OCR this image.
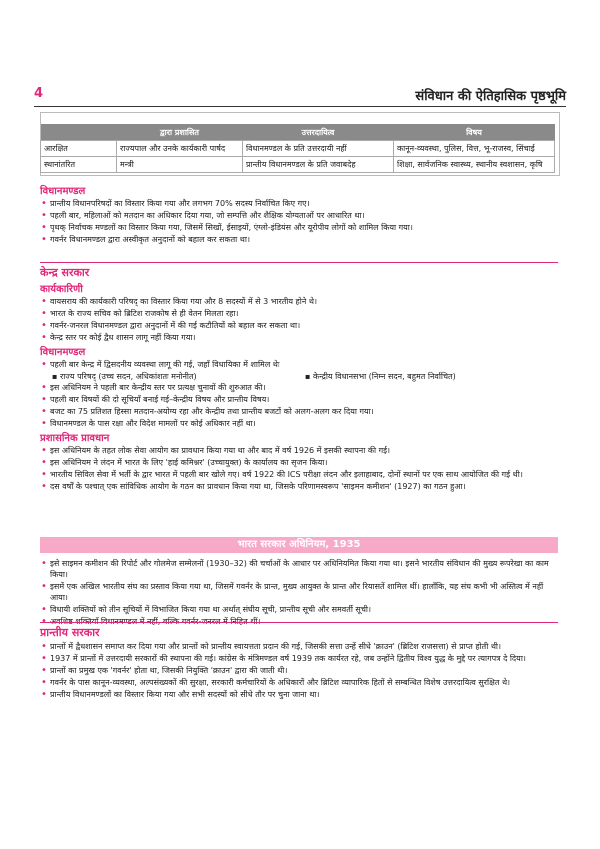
4	संविधान की ऐतिहासिक पृष्ठभूमि
	द्वारा प्रशासित	उत्तरदायित्व	विषय
आरक्षित	राज्यपाल और उनके कार्यकारी पार्षद	विधानमण्डल के प्रति उत्तरदायी नहीं	कानून-व्यवस्था, पुलिस, वित्त, भू-राजस्व, सिंचाई
स्थानांतरित	मन्त्री	प्रान्तीय विधानमण्डल के प्रति जवाबदेह	शिक्षा, सार्वजनिक स्वास्थ्य, स्थानीय स्वशासन, कृषि
विधानमण्डल
• प्रान्तीय विधानपरिषदों का विस्तार किया गया और लगभग 70% सदस्य निर्वाचित किए गए।
• पहली बार, महिलाओं को मतदान का अधिकार दिया गया, जो सम्पत्ति और शैक्षिक योग्यताओं पर आधारित था।
• पृथक् निर्वाचक मण्डलों का विस्तार किया गया, जिसमें सिखों, ईसाइयों, एंग्लो-इंडियंस और यूरोपीय लोगों को शामिल किया गया।
• गवर्नर विधानमण्डल द्वारा अस्वीकृत अनुदानों को बहाल कर सकता था।
केन्द्र सरकार
कार्यकारिणी
• वायसराय की कार्यकारी परिषद् का विस्तार किया गया और 8 सदस्यों में से 3 भारतीय होने थे।
• भारत के राज्य सचिव को ब्रिटिश राजकोष से ही वेतन मिलता रहा।
• गवर्नर-जनरल विधानमण्डल द्वारा अनुदानों में की गई कटौतियों को बहाल कर सकता था।
• केन्द्र स्तर पर कोई द्वैध शासन लागू नहीं किया गया।
विधानमण्डल
• पहली बार केन्द्र में द्विसदनीय व्यवस्था लागू की गई, जहाँ विधायिका में शामिल थेः
▪ राज्य परिषद् (उच्च सदन, अधिकांशतः मनोनीत)	▪ केन्द्रीय विधानसभा (निम्न सदन, बहुमत निर्वाचित)
• इस अधिनियम ने पहली बार केन्द्रीय स्तर पर प्रत्यक्ष चुनावों की शुरुआत की।
• पहली बार विषयों की दो सूचियाँ बनाई गई–केन्द्रीय विषय और प्रान्तीय विषय।
• बजट का 75 प्रतिशत हिस्सा मतदान-अयोग्य रहा और केन्द्रीय तथा प्रान्तीय बजटों को अलग-अलग कर दिया गया।
• विधानमण्डल के पास रक्षा और विदेश मामलों पर कोई अधिकार नहीं था।
प्रशासनिक प्रावधान
• इस अधिनियम के तहत लोक सेवा आयोग का प्रावधान किया गया था और बाद में वर्ष 1926 में इसकी स्थापना की गई।
• इस अधिनियम ने लंदन में भारत के लिए 'हाई कमिश्नर' (उच्चायुक्त) के कार्यालय का सृजन किया।
• भारतीय सिविल सेवा में भर्ती के द्वार भारत में पहली बार खोले गए। वर्ष 1922 की ICS परीक्षा लंदन और इलाहाबाद, दोनों स्थानों पर एक साथ आयोजित की गई थी।
• दस वर्षों के पश्चात् एक सांविधिक आयोग के गठन का प्रावधान किया गया था, जिसके परिणामस्वरूप 'साइमन कमीशन' (1927) का गठन हुआ।
भारत सरकार अधिनियम, 1935
• इसे साइमन कमीशन की रिपोर्ट और गोलमेज सम्मेलनों (1930–32) की चर्चाओं के आधार पर अधिनियमित किया गया था। इसने भारतीय संविधान की मुख्य रूपरेखा का काम किया।
• इसमें एक अखिल भारतीय संघ का प्रस्ताव किया गया था, जिसमें गवर्नर के प्रान्त, मुख्य आयुक्त के प्रान्त और रियासतें शामिल थीं। हालाँकि, यह संघ कभी भी अस्तित्व में नहीं आया।
• विधायी शक्तियों को तीन सूचियों में विभाजित किया गया था अर्थात् संघीय सूची, प्रान्तीय सूची और समवर्ती सूची।
• अवशिष्ट शक्तियाँ विधानमण्डल में नहीं, बल्कि गवर्नर-जनरल में निहित थीं।
प्रान्तीय सरकार
• प्रान्तों में द्वैधशासन समाप्त कर दिया गया और प्रान्तों को प्रान्तीय स्वायत्तता प्रदान की गई, जिसकी सत्ता उन्हें सीधे 'क्राउन' (ब्रिटिश राजसत्ता) से प्राप्त होती थी।
• 1937 में प्रान्तों में उत्तरदायी सरकारों की स्थापना की गई। कांग्रेस के मंत्रिमण्डल वर्ष 1939 तक कार्यरत रहे, जब उन्होंने द्वितीय विश्व युद्ध के मुद्दे पर त्यागपत्र दे दिया।
• प्रान्तों का प्रमुख एक 'गवर्नर' होता था, जिसकी नियुक्ति 'क्राउन' द्वारा की जाती थी।
• गवर्नर के पास कानून-व्यवस्था, अल्पसंख्यकों की सुरक्षा, सरकारी कर्मचारियों के अधिकारों और ब्रिटिश व्यापारिक हितों से सम्बन्धित विशेष उत्तरदायित्व सुरक्षित थे।
• प्रान्तीय विधानमण्डलों का विस्तार किया गया और सभी सदस्यों को सीधे तौर पर चुना जाना था।
